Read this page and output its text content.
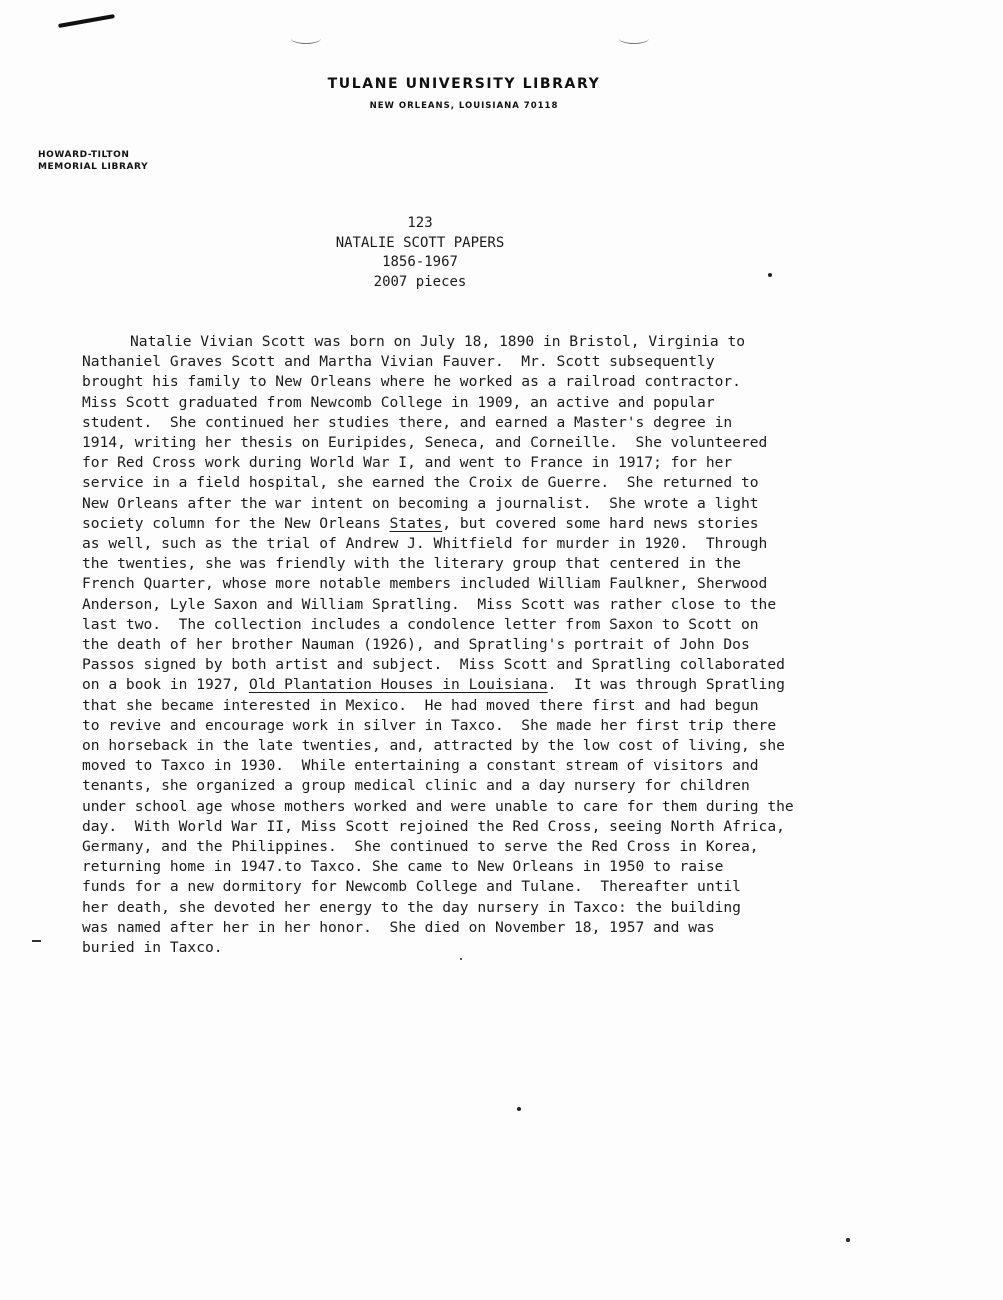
TULANE UNIVERSITY LIBRARY
NEW ORLEANS, LOUISIANA 70118
HOWARD-TILTON
MEMORIAL LIBRARY
123
NATALIE SCOTT PAPERS
1856-1967
2007 pieces
Natalie Vivian Scott was born on July 18, 1890 in Bristol, Virginia to
Nathaniel Graves Scott and Martha Vivian Fauver.  Mr. Scott subsequently
brought his family to New Orleans where he worked as a railroad contractor.
Miss Scott graduated from Newcomb College in 1909, an active and popular
student.  She continued her studies there, and earned a Master's degree in
1914, writing her thesis on Euripides, Seneca, and Corneille.  She volunteered
for Red Cross work during World War I, and went to France in 1917; for her
service in a field hospital, she earned the Croix de Guerre.  She returned to
New Orleans after the war intent on becoming a journalist.  She wrote a light
society column for the New Orleans States, but covered some hard news stories
as well, such as the trial of Andrew J. Whitfield for murder in 1920.  Through
the twenties, she was friendly with the literary group that centered in the
French Quarter, whose more notable members included William Faulkner, Sherwood
Anderson, Lyle Saxon and William Spratling.  Miss Scott was rather close to the
last two.  The collection includes a condolence letter from Saxon to Scott on
the death of her brother Nauman (1926), and Spratling's portrait of John Dos
Passos signed by both artist and subject.  Miss Scott and Spratling collaborated
on a book in 1927, Old Plantation Houses in Louisiana.  It was through Spratling
that she became interested in Mexico.  He had moved there first and had begun
to revive and encourage work in silver in Taxco.  She made her first trip there
on horseback in the late twenties, and, attracted by the low cost of living, she
moved to Taxco in 1930.  While entertaining a constant stream of visitors and
tenants, she organized a group medical clinic and a day nursery for children
under school age whose mothers worked and were unable to care for them during the
day.  With World War II, Miss Scott rejoined the Red Cross, seeing North Africa,
Germany, and the Philippines.  She continued to serve the Red Cross in Korea,
returning home in 1947.to Taxco. She came to New Orleans in 1950 to raise
funds for a new dormitory for Newcomb College and Tulane.  Thereafter until
her death, she devoted her energy to the day nursery in Taxco: the building
was named after her in her honor.  She died on November 18, 1957 and was
buried in Taxco.
